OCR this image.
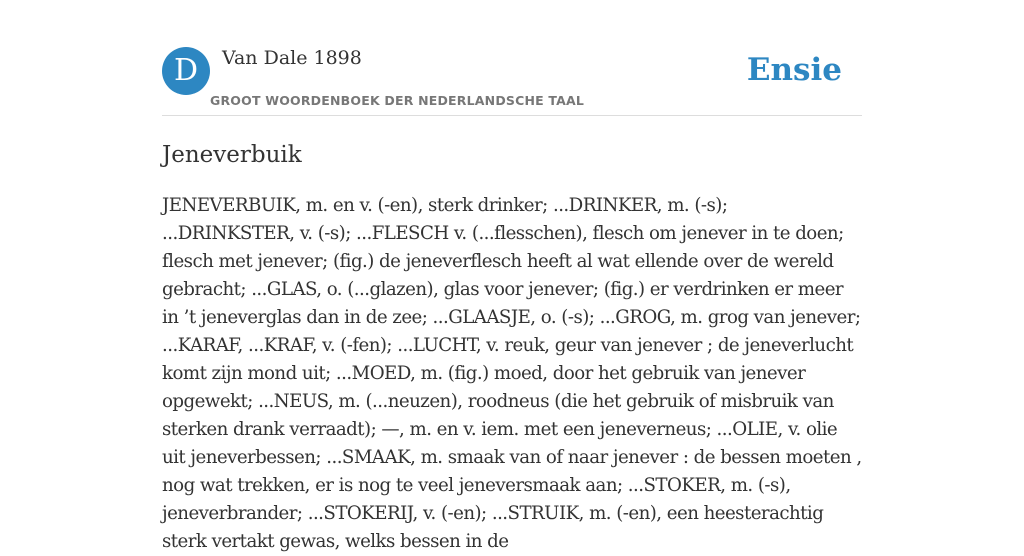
D	Van Dale 1898
GROOT WOORDENBOEK DER NEDERLANDSCHE TAAL
Ensie
Jeneverbuik

JENEVERBUIK, m. en v. (-en), sterk drinker; ...DRINKER, m. (-s); ...DRINKSTER, v. (-s); ...FLESCH v. (...flesschen), flesch om jenever in te doen; flesch met jenever; (fig.) de jeneverflesch heeft al wat ellende over de wereld gebracht; ...GLAS, o. (...glazen), glas voor jenever; (fig.) er verdrinken er meer in ’t jeneverglas dan in de zee; ...GLAASJE, o. (-s); ...GROG, m. grog van jenever; ...KARAF, ...KRAF, v. (-fen); ...LUCHT, v. reuk, geur van jenever ; de jeneverlucht komt zijn mond uit; ...MOED, m. (fig.) moed, door het gebruik van jenever opgewekt; ...NEUS, m. (...neuzen), roodneus (die het gebruik of misbruik van sterken drank verraadt); —, m. en v. iem. met een jeneverneus; ...OLIE, v. olie uit jeneverbessen; ...SMAAK, m. smaak van of naar jenever : de bessen moeten , nog wat trekken, er is nog te veel jeneversmaak aan; ...STOKER, m. (-s), jeneverbrander; ...STOKERIJ, v. (-en); ...STRUIK, m. (-en), een heesterachtig sterk vertakt gewas, welks bessen in de
